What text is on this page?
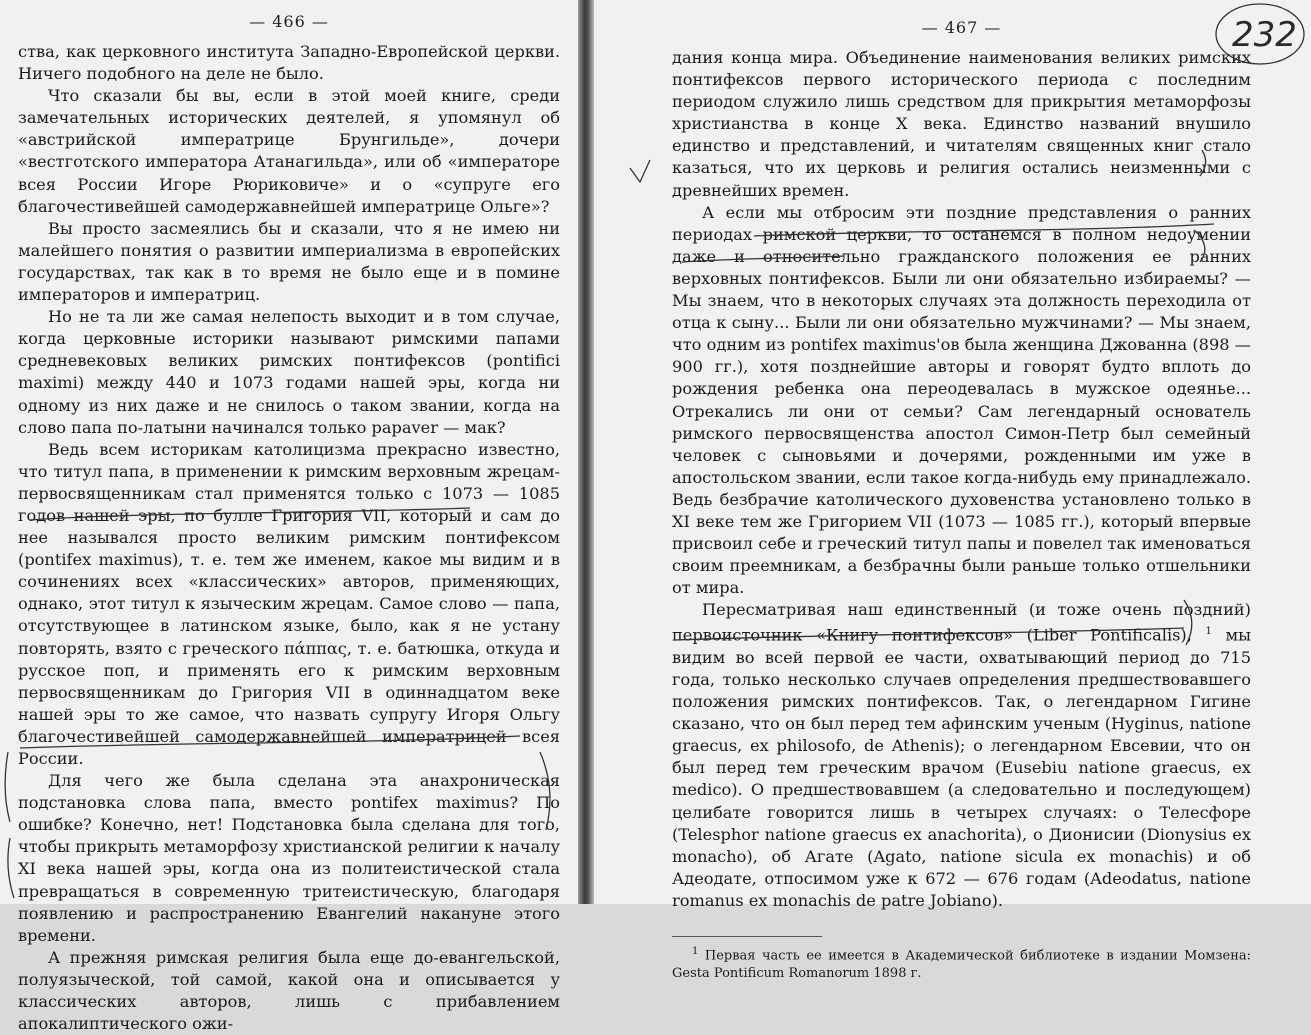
— 466 —

ства, как церковного института Западно-Европейской церкви. Ничего подобного на деле не было.

Что сказали бы вы, если в этой моей книге, среди замечательных исторических деятелей, я упомянул об «австрийской императрице Брунгильде», дочери «вестготского императора Атанагильда», или об «императоре всея России Игоре Рюриковиче» и о «супруге его благочестивейшей самодержавнейшей императрице Ольге»?

Вы просто засмеялись бы и сказали, что я не имею ни малейшего понятия о развитии империализма в европейских государствах, так как в то время не было еще и в помине императоров и императриц.

Но не та ли же самая нелепость выходит и в том случае, когда церковные историки называют римскими папами средневековых великих римских понтифексов (pontifici maximi) между 440 и 1073 годами нашей эры, когда ни одному из них даже и не снилось о таком звании, когда на слово папа по-латыни начинался только papaver — мак?

Ведь всем историкам католицизма прекрасно известно, что титул папа, в применении к римским верховным жрецам-первосвященникам стал применятся только с 1073 — 1085 годов нашей эры, по булле Григория VII, который и сам до нее назывался просто великим римским понтифексом (pontifex maximus), т. е. тем же именем, какое мы видим и в сочинениях всех «классических» авторов, применяющих, однако, этот титул к языческим жрецам. Самое слово — папа, отсутствующее в латинском языке, было, как я не устану повторять, взято с греческого πάππας, т. е. батюшка, откуда и русское поп, и применять его к римским верховным первосвященникам до Григория VII в одиннадцатом веке нашей эры то же самое, что назвать супругу Игоря Ольгу благочестивейшей самодержавнейшей императрицей всея России.

Для чего же была сделана эта анахроническая подстановка слова папа, вместо pontifex maximus? По ошибке? Конечно, нет! Подстановка была сделана для того, чтобы прикрыть метаморфозу христианской религии к началу XI века нашей эры, когда она из политеистической стала превращаться в современную тритеистическую, благодаря появлению и распространению Евангелий накануне этого времени.

А прежняя римская религия была еще до-евангельской, полуязыческой, той самой, какой она и описывается у классических авторов, лишь с прибавлением апокалиптического ожи-

— 467 —

дания конца мира. Объединение наименования великих римских понтифексов первого исторического периода с последним периодом служило лишь средством для прикрытия метаморфозы христианства в конце X века. Единство названий внушило единство и представлений, и читателям священных книг стало казаться, что их церковь и религия остались неизменными с древнейших времен.

А если мы отбросим эти поздние представления о ранних периодах римской церкви, то останемся в полном недоумении даже и относительно гражданского положения ее ранних верховных понтифексов. Были ли они обязательно избираемы? — Мы знаем, что в некоторых случаях эта должность переходила от отца к сыну... Были ли они обязательно мужчинами? — Мы знаем, что одним из pontifex maximus'ов была женщина Джованна (898 — 900 гг.), хотя позднейшие авторы и говорят будто вплоть до рождения ребенка она переодевалась в мужское одеянье... Отрекались ли они от семьи? Сам легендарный основатель римского первосвященства апостол Симон-Петр был семейный человек с сыновьями и дочерями, рожденными им уже в апостольском звании, если такое когда-нибудь ему принадлежало. Ведь безбрачие католического духовенства установлено только в XI веке тем же Григорием VII (1073 — 1085 гг.), который впервые присвоил себе и греческий титул папы и повелел так именоваться своим преемникам, а безбрачны были раньше только отшельники от мира.

Пересматривая наш единственный (и тоже очень поздний) первоисточник «Книгу понтифексов» (Liber Pontificalis), $^1$ мы видим во всей первой ее части, охватывающий период до 715 года, только несколько случаев определения предшествовавшего положения римских понтифексов. Так, о легендарном Гигине сказано, что он был перед тем афинским ученым (Hyginus, natione graecus, ex philosofo, de Athenis); о легендарном Евсевии, что он был перед тем греческим врачом (Eusebiu natione graecus, ex medico). О предшествовавшем (а следовательно и последующем) целибате говорится лишь в четырех случаях: о Телесфоре (Telesphor natione graecus ex anachorita), о Дионисии (Dionysius ex monacho), об Агате (Agato, natione sicula ex monachis) и об Адеодате, отпосимом уже к 672 — 676 годам (Adeodatus, natione romanus ex monachis de patre Jobiano).

$^1$ Первая часть ее имеется в Академической библиотеке в издании Момзена: Gesta Pontificum Romanorum 1898 г.

232
